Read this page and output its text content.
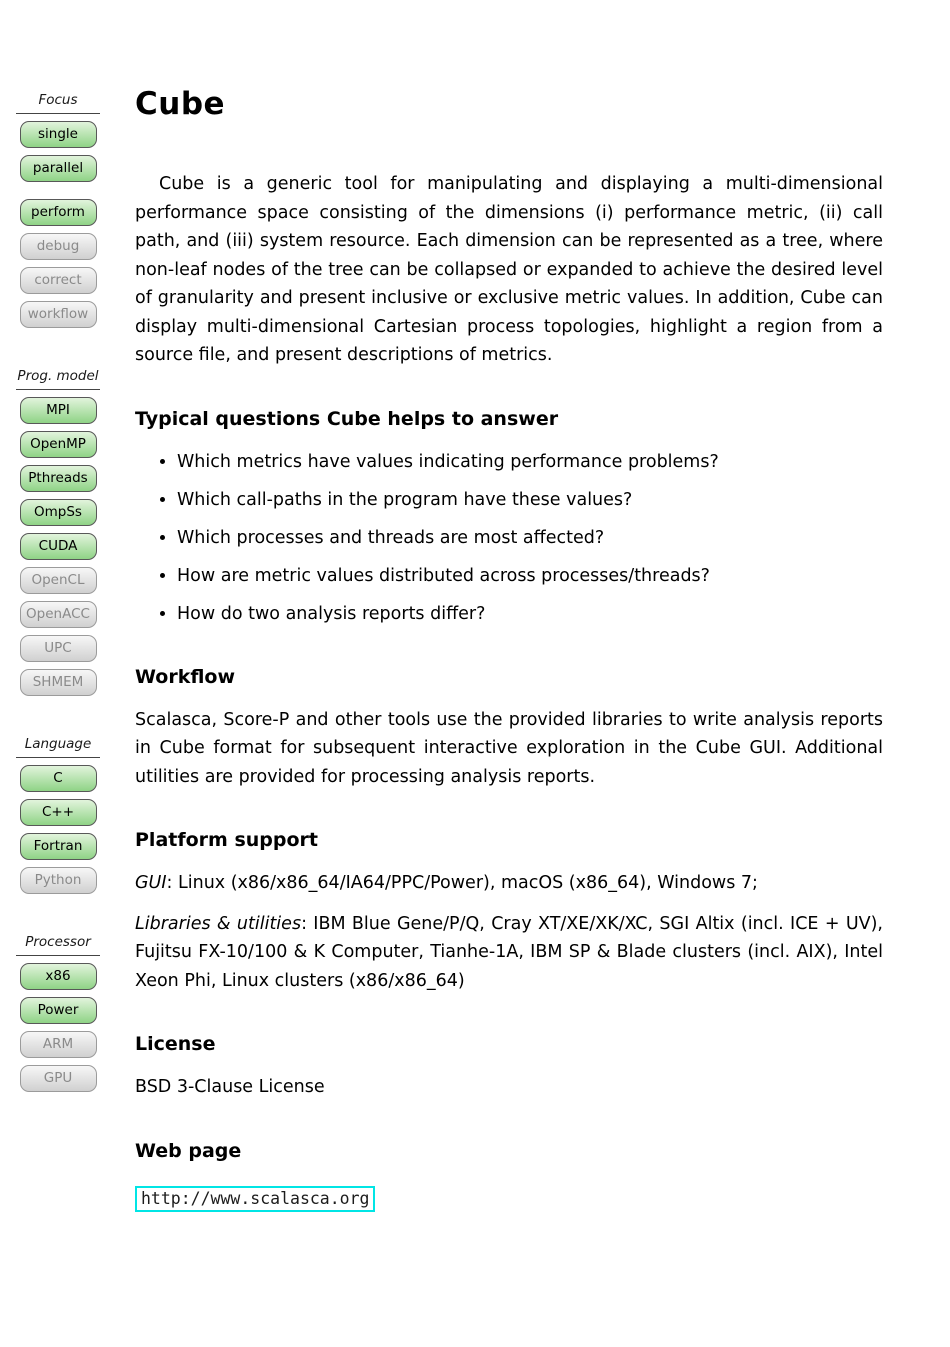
Focus
single
parallel
perform
debug
correct
workflow
Prog. model
MPI
OpenMP
Pthreads
OmpSs
CUDA
OpenCL
OpenACC
UPC
SHMEM
Language
C
C++
Fortran
Python
Processor
x86
Power
ARM
GPU
Cube

Cube is a generic tool for manipulating and displaying a multi-dimensional performance space consisting of the dimensions (i) performance metric, (ii) call path, and (iii) system resource. Each dimension can be represented as a tree, where non-leaf nodes of the tree can be collapsed or expanded to achieve the desired level of granularity and present inclusive or exclusive metric values. In addition, Cube can display multi-dimensional Cartesian process topologies, highlight a region from a source file, and present descriptions of metrics.

Typical questions Cube helps to answer
• Which metrics have values indicating performance problems?
• Which call-paths in the program have these values?
• Which processes and threads are most affected?
• How are metric values distributed across processes/threads?
• How do two analysis reports differ?
Workflow

Scalasca, Score-P and other tools use the provided libraries to write analysis reports in Cube format for subsequent interactive exploration in the Cube GUI. Additional utilities are provided for processing analysis reports.

Platform support

GUI: Linux (x86/x86_64/IA64/PPC/Power), macOS (x86_64), Windows 7;

Libraries & utilities: IBM Blue Gene/P/Q, Cray XT/XE/XK/XC, SGI Altix (incl. ICE + UV), Fujitsu FX-10/100 & K Computer, Tianhe-1A, IBM SP & Blade clusters (incl. AIX), Intel Xeon Phi, Linux clusters (x86/x86_64)

License

BSD 3-Clause License

Web page
http://www.scalasca.org
